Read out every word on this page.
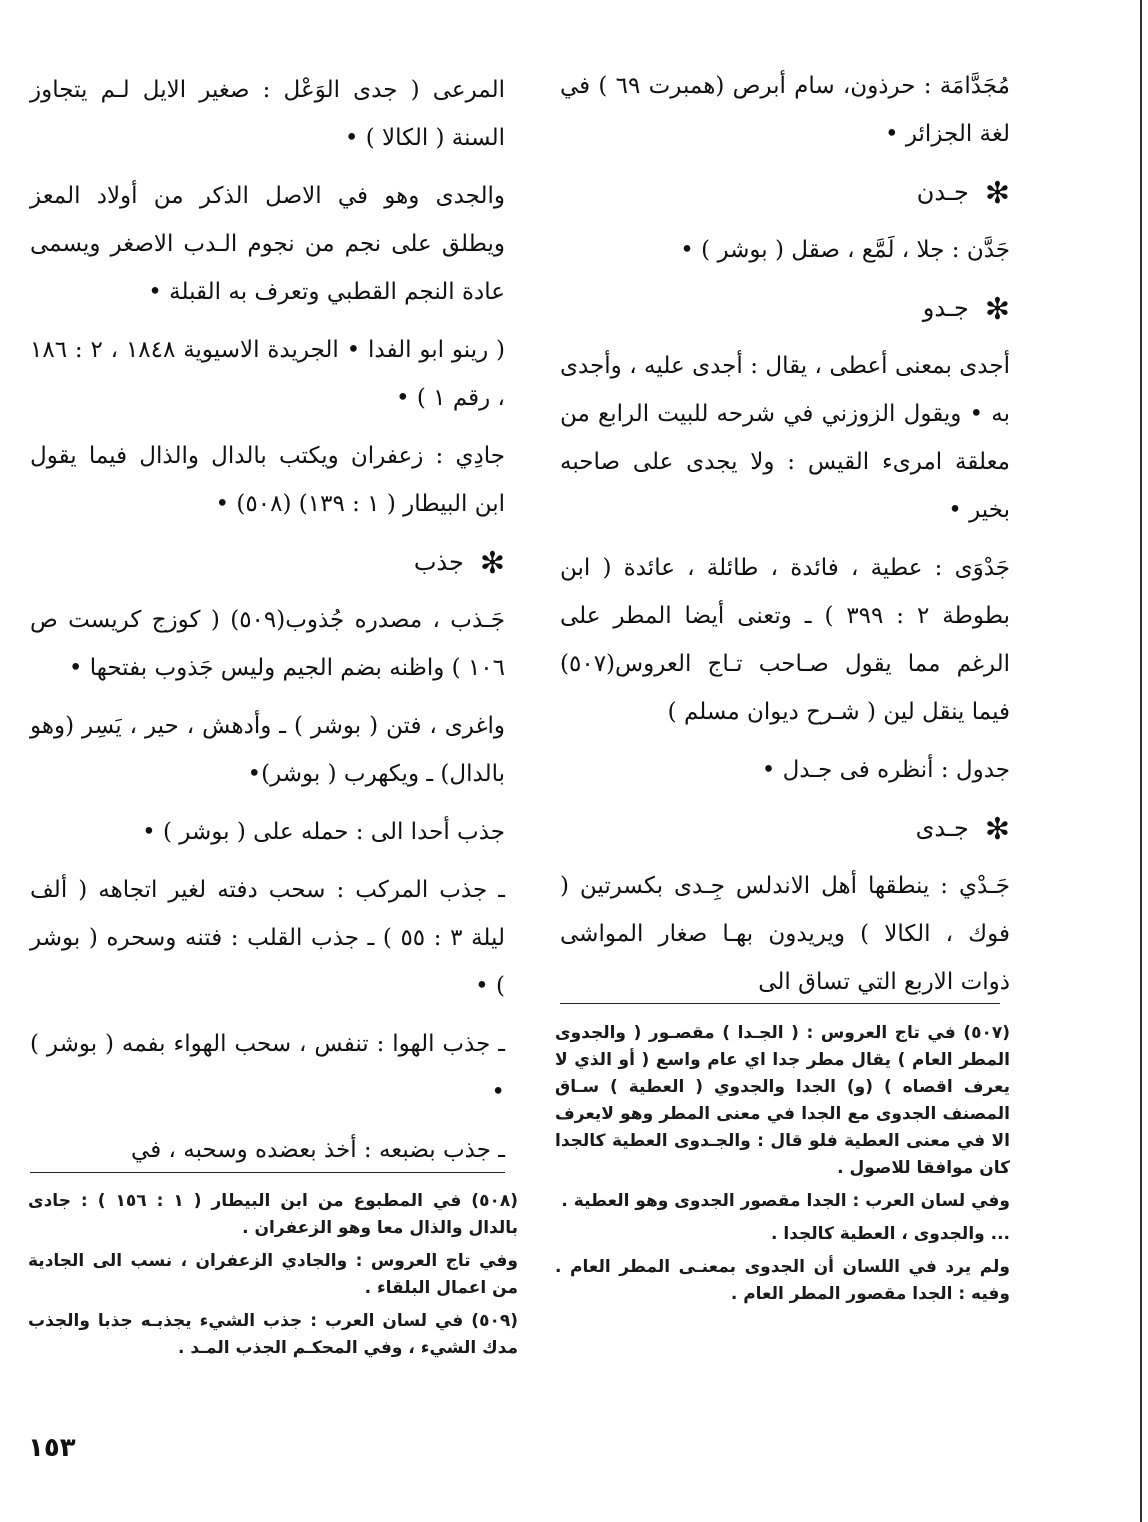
مُجَدَّامَة : حرذون، سام أبرص (همبرت ٦٩ ) في لغة الجزائر •

✻جـدن

جَدَّن : جلا ، لَمَّع ، صقل ( بوشر ) •

✻جـدو

أجدى بمعنى أعطى ، يقال : أجدى عليه ، وأجدى به • ويقول الزوزني في شرحه للبيت الرابع من معلقة امرىء القيس : ولا يجدى على صاحبه بخير •

جَدْوَى : عطية ، فائدة ، طائلة ، عائدة ( ابن بطوطة ٢ : ٣٩٩ ) ـ وتعنى أيضا المطر على الرغم مما يقول صـاحب تـاج العروس(٥٠٧) فيما ينقل لين ( شـرح ديوان مسلم )

جدول : أنظره فى جـدل •

✻جـدى

جَـدْي : ينطقها أهل الاندلس جِـدى بكسرتين ( فوك ، الكالا ) ويريدون بهـا صغار المواشى ذوات الاربع التي تساق الى

المرعى ( جدى الوَعْل : صغير الايل لـم يتجاوز السنة ( الكالا ) •

والجدى وهو في الاصل الذكر من أولاد المعز ويطلق على نجم من نجوم الـدب الاصغر ويسمى عادة النجم القطبي وتعرف به القبلة •

( رينو ابو الفدا • الجريدة الاسيوية ١٨٤٨ ، ٢ : ١٨٦ ، رقم ١ ) •

جادِي : زعفران ويكتب بالدال والذال فيما يقول ابن البيطار ( ١ : ١٣٩) (٥٠٨) •

✻جذب

جَـذب ، مصدره جُذوب(٥٠٩) ( كوزج كريست ص ١٠٦ ) واظنه بضم الجيم وليس جَذوب بفتحها •

واغرى ، فتن ( بوشر ) ـ وأدهش ، حير ، يَسِر (وهو بالدال) ـ ويكهرب ( بوشر)•

جذب أحدا الى : حمله على ( بوشر ) •

ـ جذب المركب : سحب دفته لغير اتجاهه ( ألف ليلة ٣ : ٥٥ ) ـ جذب القلب : فتنه وسحره ( بوشر ) •

ـ جذب الهوا : تنفس ، سحب الهواء بفمه ( بوشر ) •

ـ جذب بضبعه : أخذ بعضده وسحبه ، في

(٥٠٧) في تاج العروس : ( الجـدا ) مقصـور ( والجدوى المطر العام ) يقال مطر جدا اي عام واسع ( أو الذي لا يعرف اقصاه ) (و) الجدا والجدوي ( العطية ) سـاق المصنف الجدوى مع الجدا في معنى المطر وهو لايعرف الا في معنى العطية فلو قال : والجـدوى العطية كالجدا كان موافقا للاصول .

وفي لسان العرب : الجدا مقصور الجدوى وهو العطية .

... والجدوى ، العطية كالجدا .

ولم يرد في اللسان أن الجدوى بمعنـى المطر العام . وفيه : الجدا مقصور المطر العام .

(٥٠٨) في المطبوع من ابن البيطار ( ١ : ١٥٦ ) : جادى بالدال والذال معا وهو الزعفران .

وفي تاج العروس : والجادي الزعفران ، نسب الى الجادية من اعمال البلقاء .

(٥٠٩) في لسان العرب : جذب الشيء يجذبـه جذبا والجذب مدك الشيء ، وفي المحكـم الجذب المـد .

١٥٣
